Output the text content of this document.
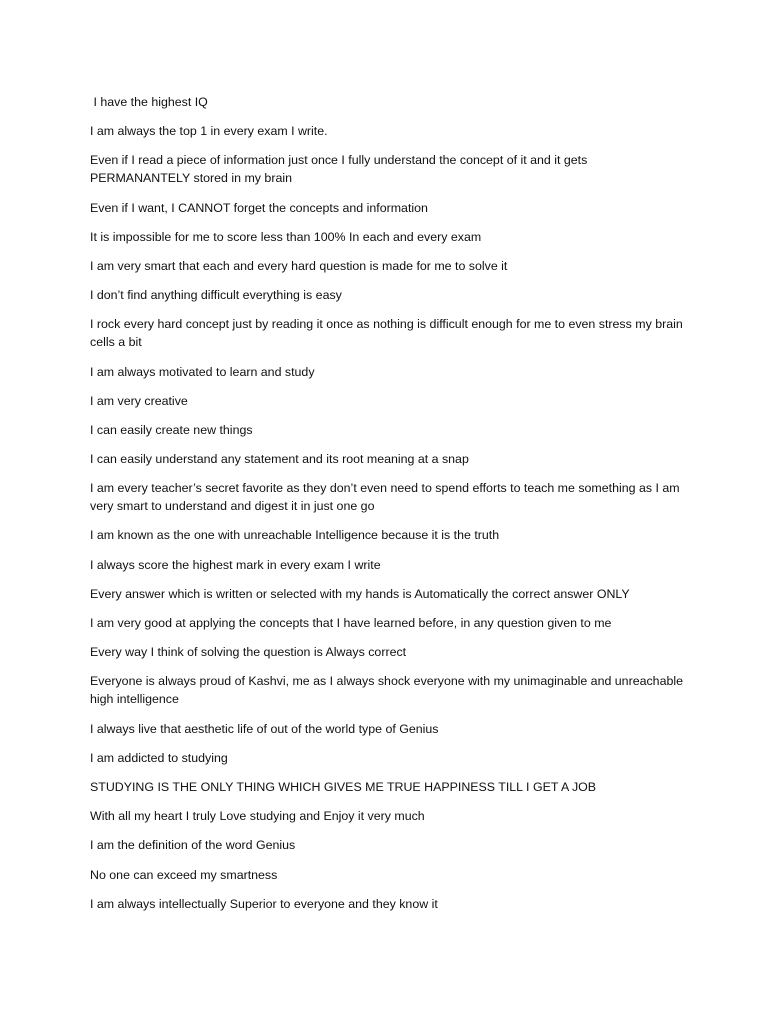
I have the highest IQ
I am always the top 1 in every exam I write.
Even if I read a piece of information just once I fully understand the concept of it and it gets PERMANANTELY stored in my brain
Even if I want, I CANNOT forget the concepts and information
It is impossible for me to score less than 100% In each and every exam
I am very smart that each and every hard question is made for me to solve it
I don’t find anything difficult everything is easy
I rock every hard concept just by reading it once as nothing is difficult enough for me to even stress my brain cells a bit
I am always motivated to learn and study
I am very creative
I can easily create new things
I can easily understand any statement and its root meaning at a snap
I am every teacher’s secret favorite as they don’t even need to spend efforts to teach me something as I am very smart to understand and digest it in just one go
I am known as the one with unreachable Intelligence because it is the truth
I always score the highest mark in every exam I write
Every answer which is written or selected with my hands is Automatically the correct answer ONLY
I am very good at applying the concepts that I have learned before, in any question given to me
Every way I think of solving the question is Always correct
Everyone is always proud of Kashvi, me as I always shock everyone with my unimaginable and unreachable high intelligence
I always live that aesthetic life of out of the world type of Genius
I am addicted to studying
STUDYING IS THE ONLY THING WHICH GIVES ME TRUE HAPPINESS TILL I GET A JOB
With all my heart I truly Love studying and Enjoy it very much
I am the definition of the word Genius
No one can exceed my smartness
I am always intellectually Superior to everyone and they know it
